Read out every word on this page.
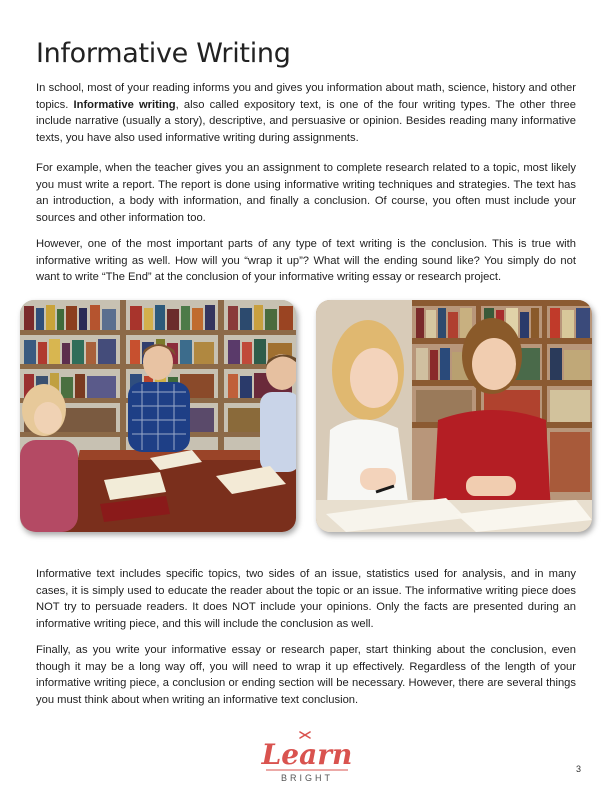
Informative Writing

In school, most of your reading informs you and gives you information about math, science, history and other topics. Informative writing, also called expository text, is one of the four writing types. The other three include narrative (usually a story), descriptive, and persuasive or opinion. Besides reading many informative texts, you have also used informative writing during assignments.

For example, when the teacher gives you an assignment to complete research related to a topic, most likely you must write a report. The report is done using informative writing techniques and strategies. The text has an introduction, a body with information, and finally a conclusion. Of course, you often must include your sources and other information too.

However, one of the most important parts of any type of text writing is the conclusion. This is true with informative writing as well. How will you “wrap it up”? What will the ending sound like? You simply do not want to write “The End” at the conclusion of your informative writing essay or research project.

Informative text includes specific topics, two sides of an issue, statistics used for analysis, and in many cases, it is simply used to educate the reader about the topic or an issue. The informative writing piece does NOT try to persuade readers. It does NOT include your opinions. Only the facts are presented during an informative writing piece, and this will include the conclusion as well.

Finally, as you write your informative essay or research paper, start thinking about the conclusion, even though it may be a long way off, you will need to wrap it up effectively. Regardless of the length of your informative writing piece, a conclusion or ending section will be necessary. However, there are several things you must think about when writing an informative text conclusion.

Learn
BRIGHT
3
